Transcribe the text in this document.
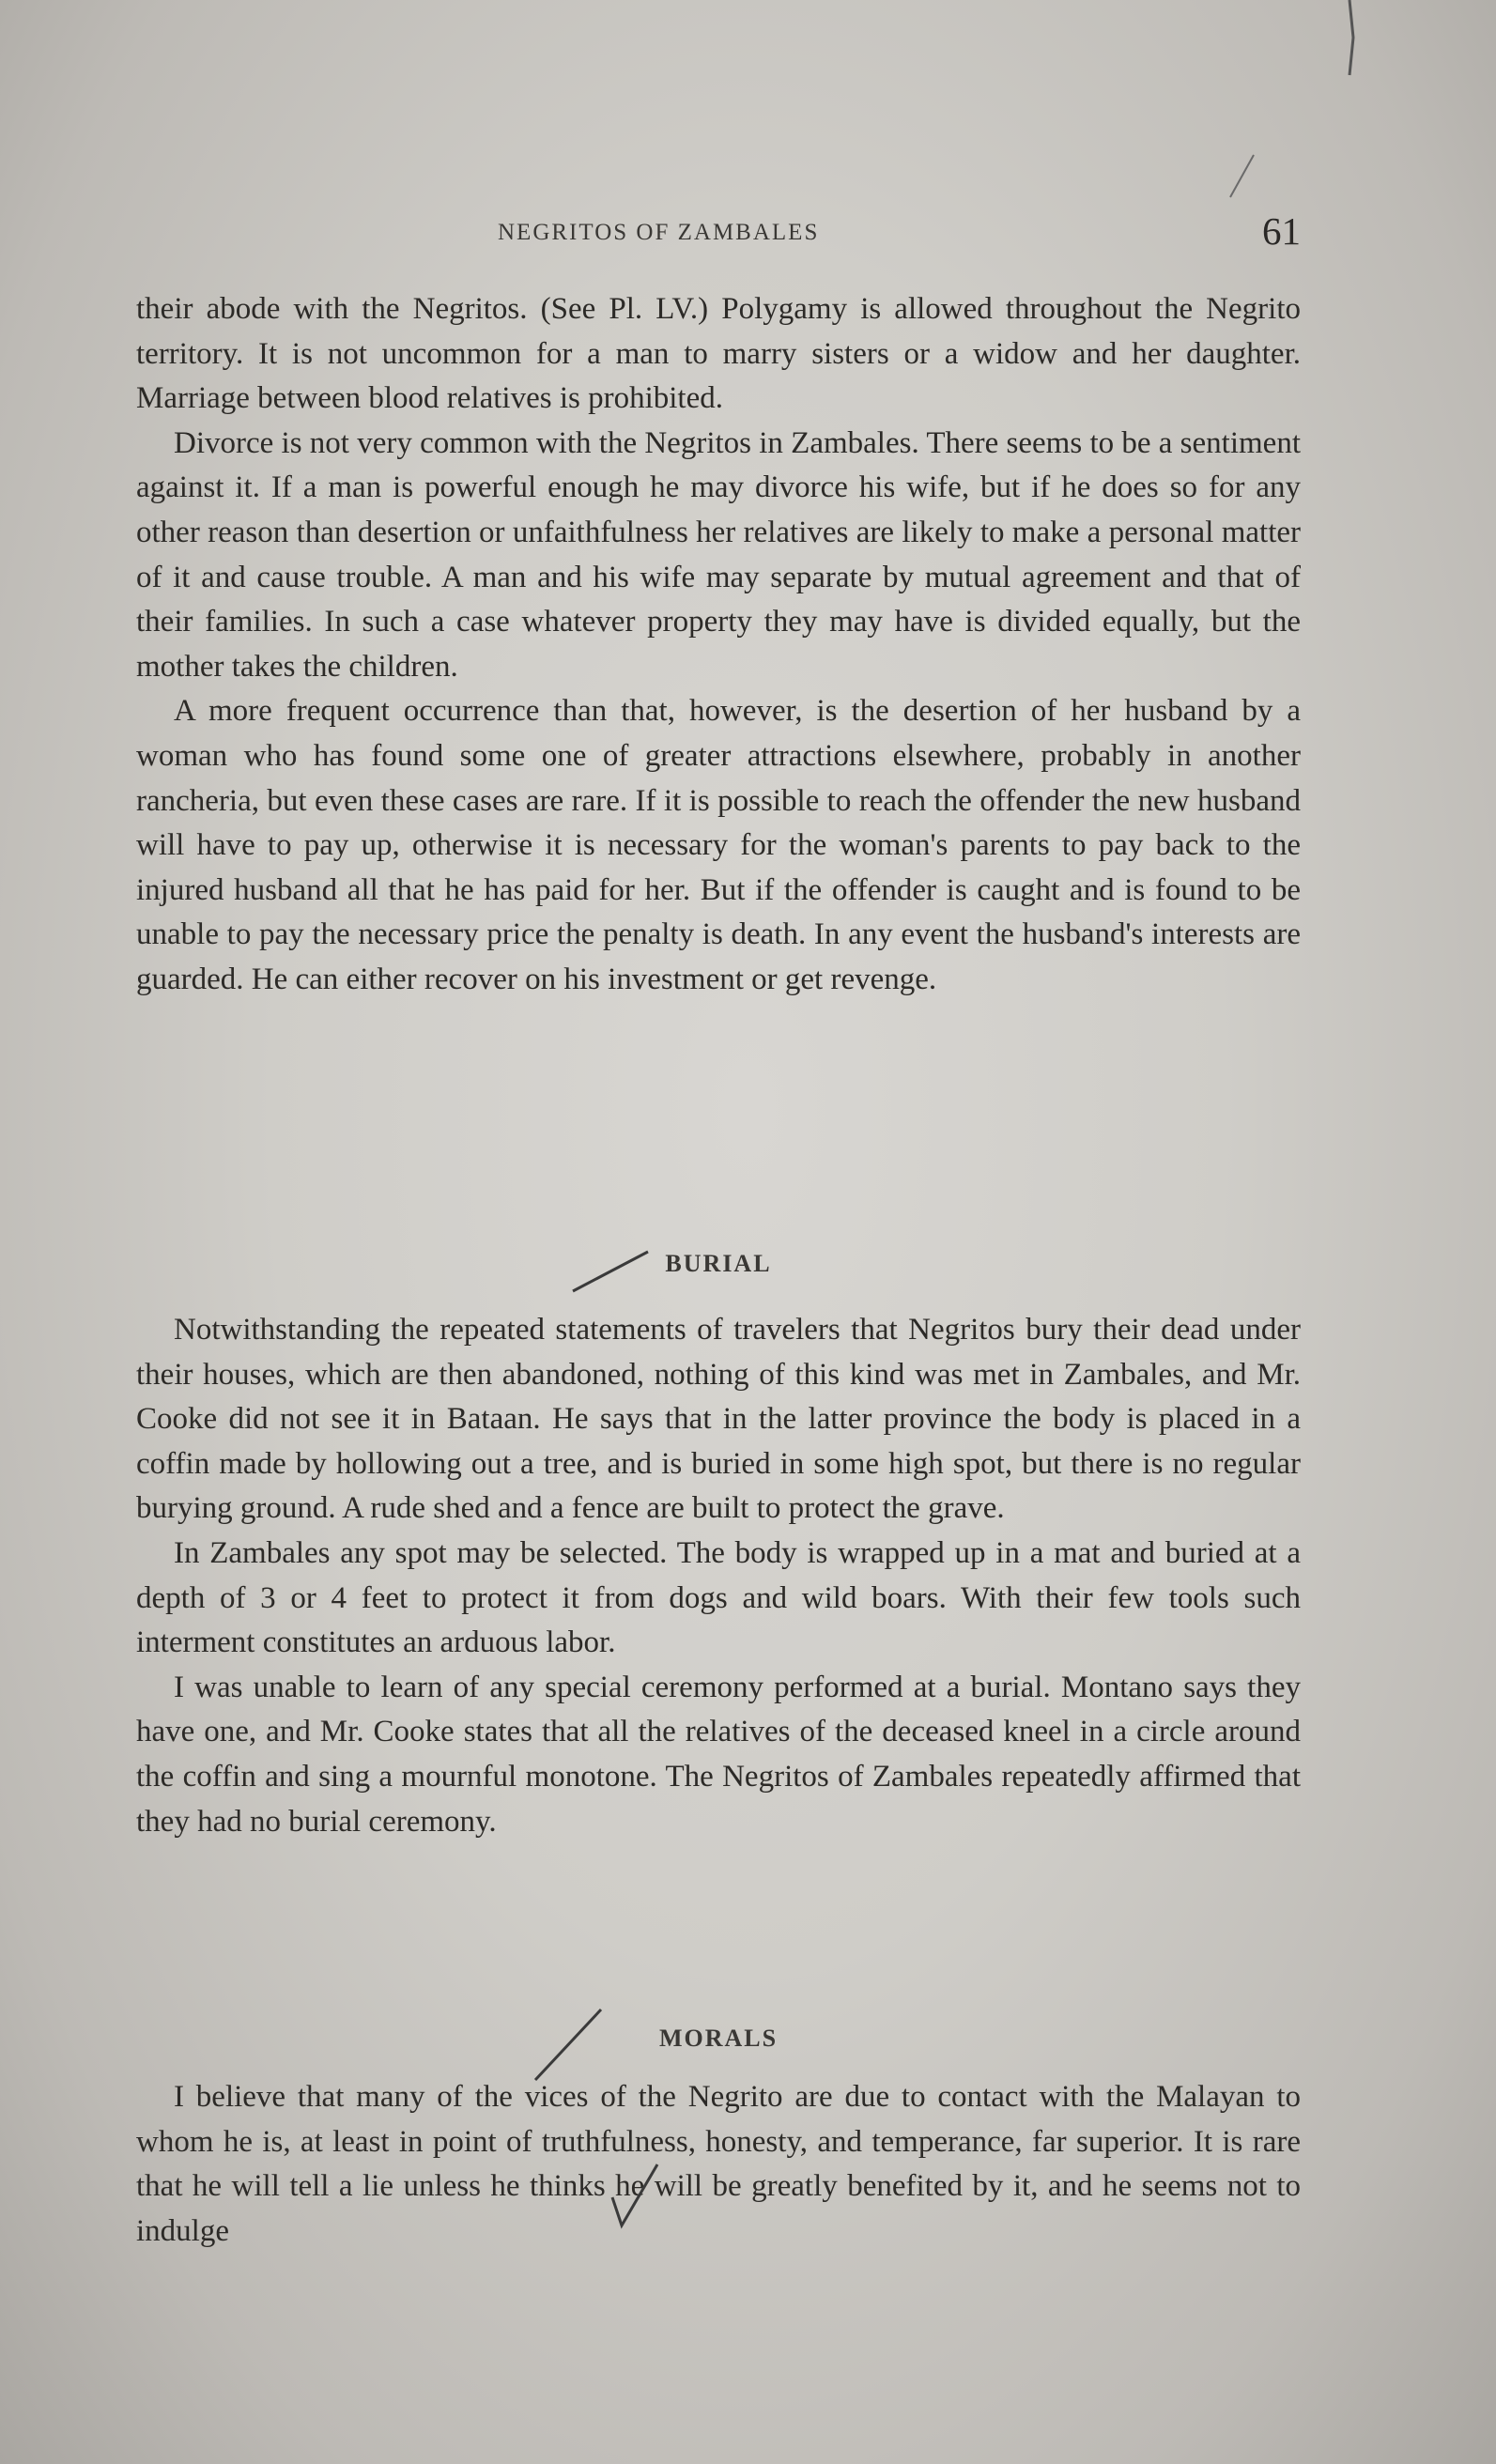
NEGRITOS OF ZAMBALES	61

their abode with the Negritos. (See Pl. LV.) Polygamy is allowed throughout the Negrito territory. It is not uncommon for a man to marry sisters or a widow and her daughter. Marriage between blood relatives is prohibited.

Divorce is not very common with the Negritos in Zambales. There seems to be a sentiment against it. If a man is powerful enough he may divorce his wife, but if he does so for any other reason than desertion or unfaithfulness her relatives are likely to make a personal matter of it and cause trouble. A man and his wife may separate by mutual agreement and that of their families. In such a case whatever property they may have is divided equally, but the mother takes the children.

A more frequent occurrence than that, however, is the desertion of her husband by a woman who has found some one of greater attractions elsewhere, probably in another rancheria, but even these cases are rare. If it is possible to reach the offender the new husband will have to pay up, otherwise it is necessary for the woman's parents to pay back to the injured husband all that he has paid for her. But if the offender is caught and is found to be unable to pay the necessary price the penalty is death. In any event the husband's interests are guarded. He can either recover on his investment or get revenge.

BURIAL

Notwithstanding the repeated statements of travelers that Negritos bury their dead under their houses, which are then abandoned, nothing of this kind was met in Zambales, and Mr. Cooke did not see it in Bataan. He says that in the latter province the body is placed in a coffin made by hollowing out a tree, and is buried in some high spot, but there is no regular burying ground. A rude shed and a fence are built to protect the grave.

In Zambales any spot may be selected. The body is wrapped up in a mat and buried at a depth of 3 or 4 feet to protect it from dogs and wild boars. With their few tools such interment constitutes an arduous labor.

I was unable to learn of any special ceremony performed at a burial. Montano says they have one, and Mr. Cooke states that all the relatives of the deceased kneel in a circle around the coffin and sing a mournful monotone. The Negritos of Zambales repeatedly affirmed that they had no burial ceremony.

MORALS

I believe that many of the vices of the Negrito are due to contact with the Malayan to whom he is, at least in point of truthfulness, honesty, and temperance, far superior. It is rare that he will tell a lie unless he thinks he will be greatly benefited by it, and he seems not to indulge
